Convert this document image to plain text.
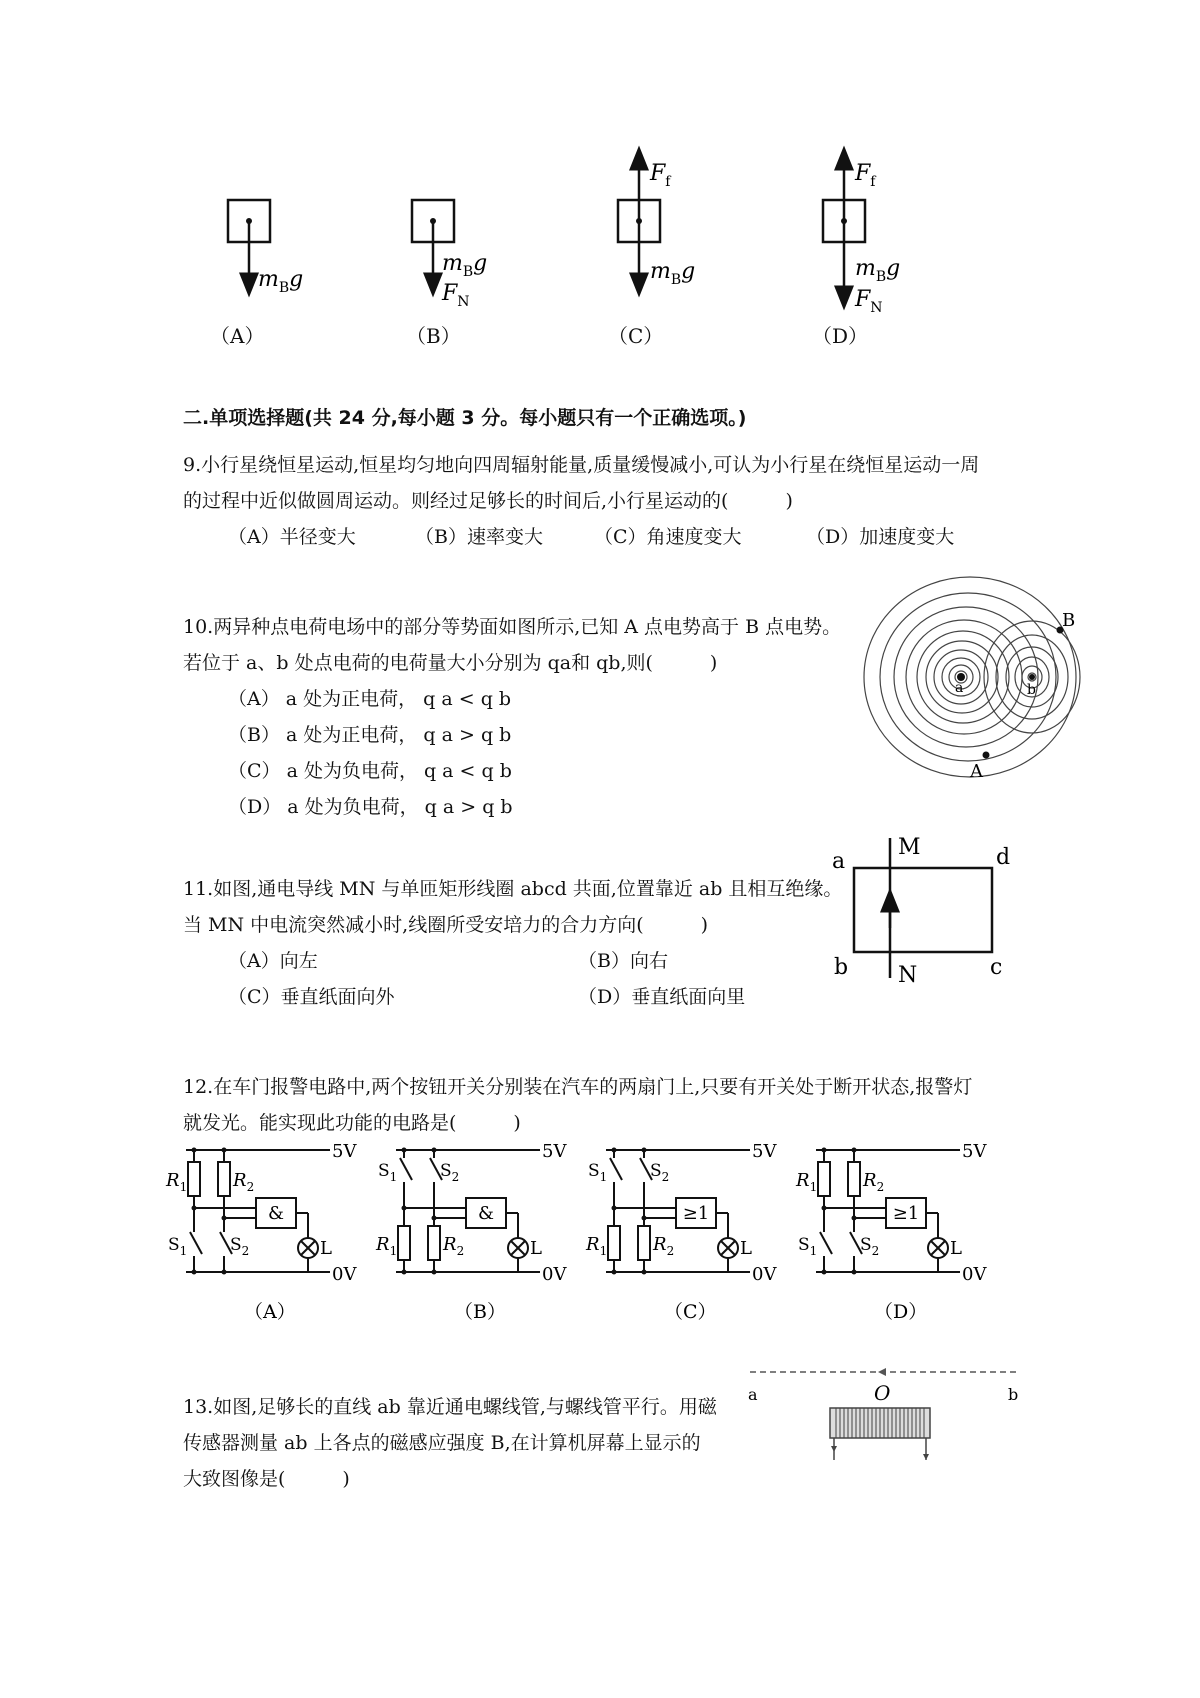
$m_Bg$
$m_Bg$
$F_N$
$F_f$
$m_Bg$
$F_f$
$m_Bg$
$F_N$
（A）	（B）	（C）	（D）
二.单项选择题(共 24 分,每小题 3 分。每小题只有一个正确选项。)
9.小行星绕恒星运动,恒星均匀地向四周辐射能量,质量缓慢减小,可认为小行星在绕恒星运动一周
的过程中近似做圆周运动。则经过足够长的时间后,小行星运动的(　　　)
（A）半径变大	（B）速率变大	（C）角速度变大	（D）加速度变大
10.两异种点电荷电场中的部分等势面如图所示,已知 A 点电势高于 B 点电势。
若位于 a、b 处点电荷的电荷量大小分别为 qa和 qb,则(　　　)
（A） a 处为正电荷， q a < q b
（B） a 处为正电荷， q a > q b
（C） a 处为负电荷， q a < q b
（D） a 处为负电荷， q a > q b
B
A
a	b
11.如图,通电导线 MN 与单匝矩形线圈 abcd 共面,位置靠近 ab 且相互绝缘。
当 MN 中电流突然减小时,线圈所受安培力的合力方向(　　　)
（A）向左	（B）向右
（C）垂直纸面向外	（D）垂直纸面向里
M
N
a
b	c
d
12.在车门报警电路中,两个按钮开关分别装在汽车的两扇门上,只要有开关处于断开状态,报警灯
就发光。能实现此功能的电路是(　　　)
5V
0V
$R_1$	$R_2$
$S_1$	$S_2$
&
L
（A）
5V
0V
$S_1$	$S_2$
$R_1$	$R_2$
&
L
（B）
5V
0V
$S_1$	$S_2$
$R_1$	$R_2$
≥1
L
（C）
5V
0V
$R_1$	$R_2$
$S_1$	$S_2$
≥1
L
（D）
13.如图,足够长的直线 ab 靠近通电螺线管,与螺线管平行。用磁
传感器测量 ab 上各点的磁感应强度 B,在计算机屏幕上显示的
大致图像是(　　　)
a	O	b
